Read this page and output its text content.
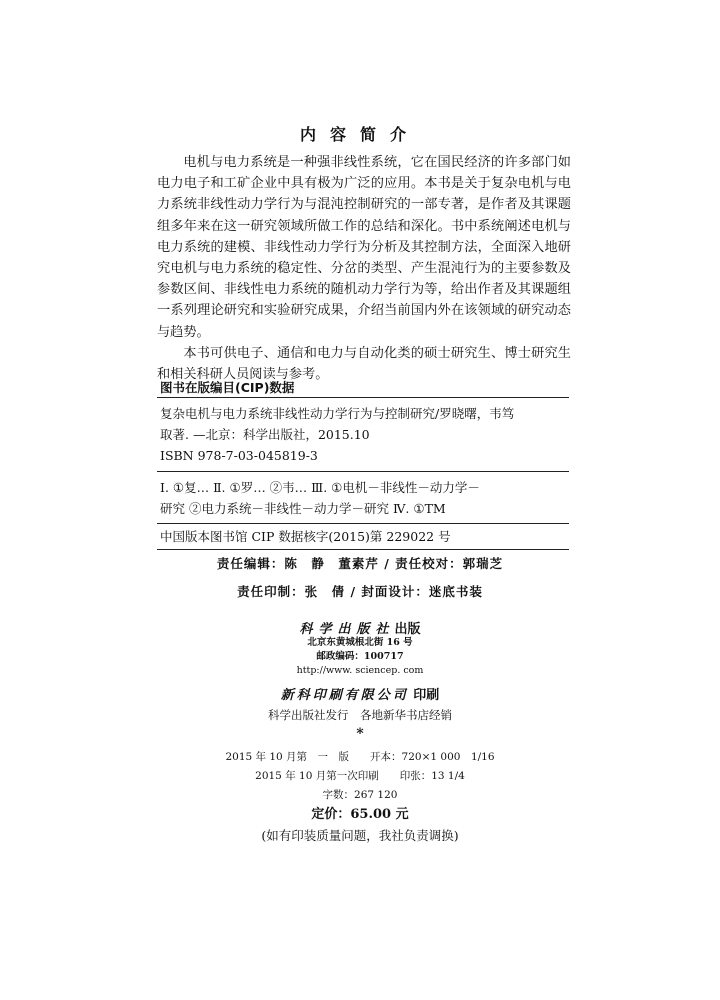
内容简介

电机与电力系统是一种强非线性系统，它在国民经济的许多部门如电力电子和工矿企业中具有极为广泛的应用。本书是关于复杂电机与电力系统非线性动力学行为与混沌控制研究的一部专著，是作者及其课题组多年来在这一研究领域所做工作的总结和深化。书中系统阐述电机与电力系统的建模、非线性动力学行为分析及其控制方法，全面深入地研究电机与电力系统的稳定性、分岔的类型、产生混沌行为的主要参数及参数区间、非线性电力系统的随机动力学行为等，给出作者及其课题组一系列理论研究和实验研究成果，介绍当前国内外在该领域的研究动态与趋势。

本书可供电子、通信和电力与自动化类的硕士研究生、博士研究生和相关科研人员阅读与参考。

图书在版编目(CIP)数据
复杂电机与电力系统非线性动力学行为与控制研究/罗晓曙，韦笃
取著. —北京：科学出版社，2015.10
ISBN 978-7-03-045819-3
Ⅰ. ①复… Ⅱ. ①罗… ②韦… Ⅲ. ①电机－非线性－动力学－
研究 ②电力系统－非线性－动力学－研究 Ⅳ. ①TM
中国版本图书馆 CIP 数据核字(2015)第 229022 号
责任编辑：陈　静　董素芹 / 责任校对：郭瑞芝
责任印制：张　倩 / 封面设计：迷底书装
科学出版社出版
北京东黄城根北街 16 号
邮政编码：100717
http://www. sciencep. com
新科印刷有限公司 印刷
科学出版社发行　各地新华书店经销
*
2015 年 10 月第　一　版　　开本：720×1 000　1/16
2015 年 10 月第一次印刷　　印张：13 1/4
字数：267 120
定价：65.00 元
(如有印装质量问题，我社负责调换)
